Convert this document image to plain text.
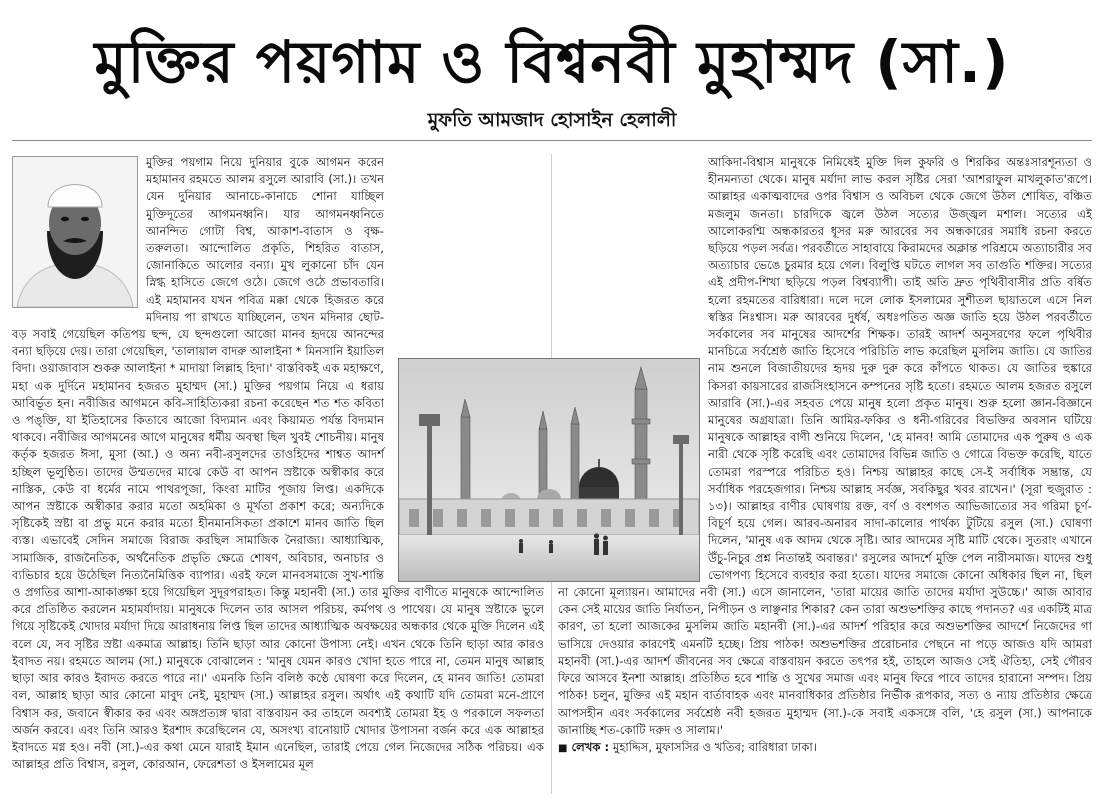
মুক্তির পয়গাম ও বিশ্বনবী মুহাম্মদ (সা.)
মুফতি আমজাদ হোসাইন হেলালী

মুক্তির পয়গাম নিয়ে দুনিয়ার বুকে আগমন করেন মহামানব রহমতে আলম রসুলে আরাবি (সা.)। তখন যেন দুনিয়ার আনাচে-কানাচে শোনা যাচ্ছিল মুক্তিদূতের আগমনধ্বনি। যার আগমনধ্বনিতে আনন্দিত গোটা বিশ্ব, আকাশ-বাতাস ও বৃক্ষ-তরুলতা। আন্দোলিত প্রকৃতি, শিহরিত বাতাস, জোনাকিতে আলোর বন্যা। মুখ লুকানো চাঁদ যেন স্নিগ্ধ হাসিতে জেগে ওঠে। জেগে ওঠে প্রভাবতারি। এই মহামানব যখন পবিত্র মক্কা থেকে হিজরত করে মদিনায় পা রাখতে যাচ্ছিলেন, তখন মদিনার ছোট-বড় সবাই গেয়েছিল কতিপয় ছন্দ, যে ছন্দগুলো আজো মানব হৃদয়ে আনন্দের বন্যা ছড়িয়ে দেয়। তারা গেয়েছিল, 'তালায়াল বাদরু আলাইনা * মিনসানি ইয়াতিল বিদা। ওয়াজাবাস শুকরু আলাইনা * মাদায়া লিল্লাহ হিদা।' বাস্তবিকই এক মহাক্ষণে, মহা এক দুর্দিনে মহামানব হজরত মুহাম্মদ (সা.) মুক্তির পয়গাম নিয়ে এ ধরায় আবির্ভূত হন। নবীজির আগমনে কবি-সাহিত্যিকরা রচনা করেছেন শত শত কবিতা ও পঙ্‌ক্তি, যা ইতিহাসের কিতাবে আজো বিদ্যমান এবং কিয়ামত পর্যন্ত বিদ্যমান থাকবে। নবীজির আগমনের আগে মানুষের ধর্মীয় অবস্থা ছিল খুবই শোচনীয়। মানুষ কর্তৃক হজরত ঈসা, মুসা (আ.) ও অন্য নবী-রসুলদের তাওহিদের শাশ্বত আদর্শ হচ্ছিল ভূলুণ্ঠিত। তাদের উম্মতদের মাঝে কেউ বা আপন স্রষ্টাকে অস্বীকার করে নাস্তিক, কেউ বা ধর্মের নামে পাথরপূজা, কিংবা মাটির পূজায় লিপ্ত। একদিকে আপন স্রষ্টাকে অস্বীকার করার মতো অহমিকা ও মূর্খতা প্রকাশ করে; অন্যদিকে সৃষ্টিকেই স্রষ্টা বা প্রভু মনে করার মতো হীনমানসিকতা প্রকাশে মানব জাতি ছিল ব্যস্ত। এভাবেই সেদিন সমাজে বিরাজ করছিল সামাজিক নৈরাজ্য। আধ্যাত্মিক, সামাজিক, রাজনৈতিক, অর্থনৈতিক প্রভৃতি ক্ষেত্রে শোষণ, অবিচার, অনাচার ও ব্যভিচার হয়ে উঠেছিল নিত্যনৈমিত্তিক ব্যাপার। এরই ফলে মানবসমাজে সুখ-শান্তি ও প্রগতির আশা-আকাঙ্ক্ষা হয়ে গিয়েছিল সুদূরপরাহত। কিন্তু মহানবী (সা.) তার মুক্তির বাণীতে মানুষকে আন্দোলিত করে প্রতিষ্ঠিত করলেন মহামর্যাদায়। মানুষকে দিলেন তার আসল পরিচয়, কর্মপথ ও পাথেয়। যে মানুষ স্রষ্টাকে ভুলে গিয়ে সৃষ্টিকেই খোদার মর্যাদা দিয়ে আরাধনায় লিপ্ত ছিল তাদের আধ্যাত্মিক অবক্ষয়ের অন্ধকার থেকে মুক্তি দিলেন এই বলে যে, সব সৃষ্টির স্রষ্টা একমাত্র আল্লাহ। তিনি ছাড়া আর কোনো উপাস্য নেই। এখন থেকে তিনি ছাড়া আর কারও ইবাদত নয়। রহমতে আলম (সা.) মানুষকে বোঝালেন : 'মানুষ যেমন কারও খোদা হতে পারে না, তেমন মানুষ আল্লাহ ছাড়া আর কারও ইবাদত করতে পারে না।' এমনকি তিনি বলিষ্ঠ কণ্ঠে ঘোষণা করে দিলেন, হে মানব জাতি! তোমরা বল, আল্লাহ ছাড়া আর কোনো মাবুদ নেই, মুহাম্মদ (সা.) আল্লাহর রসুল। অর্থাৎ এই কথাটি যদি তোমরা মনে-প্রাণে বিশ্বাস কর, জবানে স্বীকার কর এবং অঙ্গপ্রত্যঙ্গ দ্বারা বাস্তবায়ন কর তাহলে অবশ্যই তোমরা ইহ ও পরকালে সফলতা অর্জন করবে। এবং তিনি আরও ইরশাদ করেছিলেন যে, অসংখ্য বানোয়াট খোদার উপাসনা বর্জন করে এক আল্লাহর ইবাদতে মগ্ন হও। নবী (সা.)-এর কথা মেনে যারাই ইমান এনেছিল, তারাই পেয়ে গেল নিজেদের সঠিক পরিচয়। এক আল্লাহর প্রতি বিশ্বাস, রসুল, কোরআন, ফেরেশতা ও ইসলামের মূল

আকিদা-বিশ্বাস মানুষকে নিমিষেই মুক্তি দিল কুফরি ও শিরকির অন্তঃসারশূন্যতা ও হীনমন্যতা থেকে। মানুষ মর্যাদা লাভ করল সৃষ্টির সেরা 'আশরাফুল মাখলুকাত'রূপে। আল্লাহর একাত্মবাদের ওপর বিশ্বাস ও অবিচল থেকে জেগে উঠল শোষিত, বঞ্চিত মজলুম জনতা। চারদিকে জ্বলে উঠল সত্যের উজ্জ্বল মশাল। সত্যের এই আলোকরশ্মি অন্ধকারতর ধূসর মরু আরবের সব অন্ধকারের সমাধি রচনা করতে ছড়িয়ে পড়ল সর্বত্র। পরবর্তীতে সাহাবায়ে কিরামদের অক্লান্ত পরিশ্রমে অত্যাচারীর সব অত্যাচার ভেঙে চুরমার হয়ে গেল। বিলুপ্তি ঘটতে লাগল সব তাগুতি শক্তির। সত্যের এই প্রদীপ-শিখা ছড়িয়ে পড়ল বিশ্বব্যাপী। তাই অতি দ্রুত পৃথিবীবাসীর প্রতি বর্ষিত হলো রহমতের বারিধারা। দলে দলে লোক ইসলামের সুশীতল ছায়াতলে এসে নিল স্বস্তির নিঃশ্বাস। মরু আরবের দুর্ধর্ষ, অধঃপতিত অজ্ঞ জাতি হয়ে উঠল পরবর্তীতে সর্বকালের সব মানুষের আদর্শের শিক্ষক। তারই আদর্শ অনুসরণের ফলে পৃথিবীর মানচিত্রে সর্বশ্রেষ্ঠ জাতি হিসেবে পরিচিতি লাভ করেছিল মুসলিম জাতি। যে জাতির নাম শুনলে বিজাতীয়দের হৃদয় দুরু দুরু করে কাঁপতে থাকত। যে জাতির হুঙ্কারে কিসরা কায়সারের রাজসিংহাসনে কম্পনের সৃষ্টি হতো। রহমতে আলম হজরত রসুলে আরাবি (সা.)-এর সহবত পেয়ে মানুষ হলো প্রকৃত মানুষ। শুরু হলো জ্ঞান-বিজ্ঞানে মানুষের অগ্রযাত্রা। তিনি আমির-ফকির ও ধনী-গরিবের বিভক্তির অবসান ঘটিয়ে মানুষকে আল্লাহর বাণী শুনিয়ে দিলেন, 'হে মানব! আমি তোমাদের এক পুরুষ ও এক নারী থেকে সৃষ্টি করেছি এবং তোমাদের বিভিন্ন জাতি ও গোত্রে বিভক্ত করেছি, যাতে তোমরা পরস্পরে পরিচিত হও। নিশ্চয় আল্লাহর কাছে সে-ই সর্বাধিক সম্ভ্রান্ত, যে সর্বাধিক পরহেজগার। নিশ্চয় আল্লাহ সর্বজ্ঞ, সবকিছুর খবর রাখেন।' (সূরা হুজুরাত : ১৩)। আল্লাহর বাণীর ঘোষণায় রক্ত, বর্ণ ও বংশগত আভিজাত্যের সব গরিমা চূর্ণ-বিচূর্ণ হয়ে গেল। আরব-অনারব সাদা-কালোর পার্থক্য টুটিয়ে রসুল (সা.) ঘোষণা দিলেন, 'মানুষ এক আদম থেকে সৃষ্টি। আর আদমের সৃষ্টি মাটি থেকে। সুতরাং এখানে উঁচু-নিচুর প্রশ্ন নিতান্তই অবান্তর।' রসুলের আদর্শে মুক্তি পেল নারীসমাজ। যাদের শুধু ভোগপণ্য হিসেবে ব্যবহার করা হতো। যাদের সমাজে কোনো অধিকার ছিল না, ছিল না কোনো মূল্যায়ন। আমাদের নবী (সা.) এসে জানালেন, 'তারা মায়ের জাতি তাদের মর্যাদা সুউচ্চে।' আজ আবার কেন সেই মায়ের জাতি নির্যাতন, নিপীড়ন ও লাঞ্ছনার শিকার? কেন তারা অশুভশক্তির কাছে পদানত? এর একটিই মাত্র কারণ, তা হলো আজকের মুসলিম জাতি মহানবী (সা.)-এর আদর্শ পরিহার করে অশুভশক্তির আদর্শে নিজেদের গা ভাসিয়ে দেওয়ার কারণেই এমনটি হচ্ছে। প্রিয় পাঠক! অশুভশক্তির প্ররোচনার পেছনে না পড়ে আজও যদি আমরা মহানবী (সা.)-এর আদর্শ জীবনের সব ক্ষেত্রে বাস্তবায়ন করতে তৎপর হই, তাহলে আজও সেই ঐতিহ্য, সেই গৌরব ফিরে আসবে ইনশা আল্লাহ। প্রতিষ্ঠিত হবে শান্তি ও সুখের সমাজ এবং মানুষ ফিরে পাবে তাদের হারানো সম্পদ। প্রিয় পাঠক! চলুন, মুক্তির এই মহান বার্তাবাহক এবং মানবাধিকার প্রতিষ্ঠার নির্ভীক রূপকার, সত্য ও ন্যায় প্রতিষ্ঠার ক্ষেত্রে আপসহীন এবং সর্বকালের সর্বশ্রেষ্ঠ নবী হজরত মুহাম্মদ (সা.)-কে সবাই একসঙ্গে বলি, 'হে রসুল (সা.) আপনাকে জানাচ্ছি শত-কোটি দরুদ ও সালাম।'

■ লেখক : মুহাদ্দিস, মুফাসসির ও খতিব; বারিধারা ঢাকা।
